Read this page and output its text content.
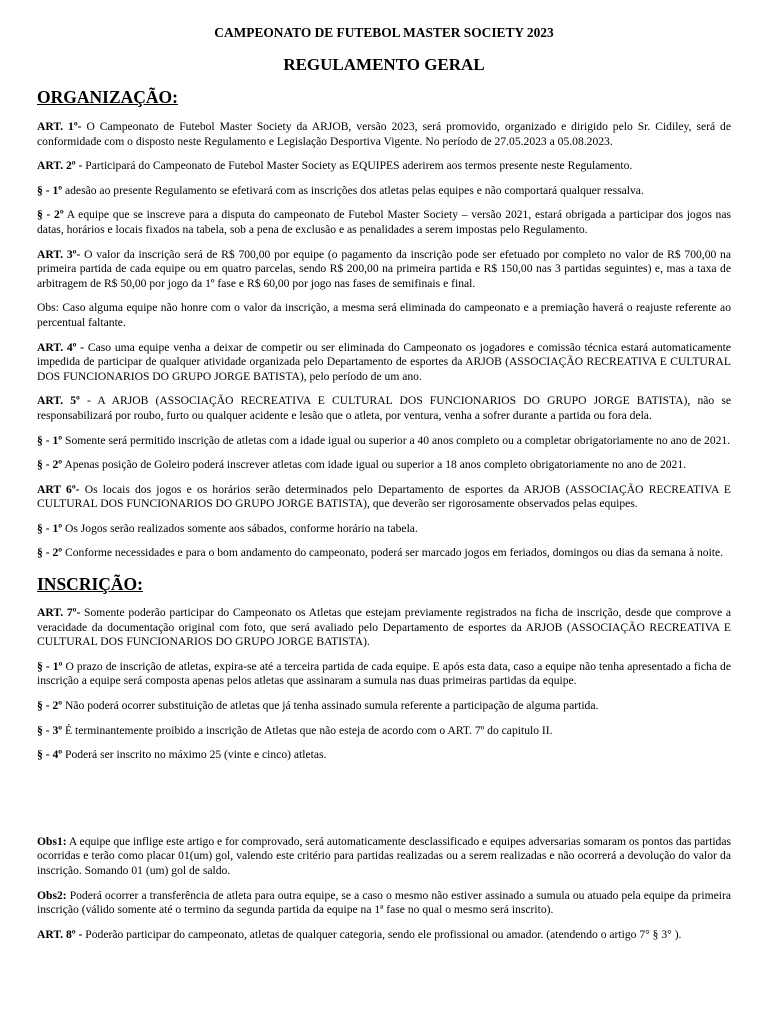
CAMPEONATO DE FUTEBOL MASTER SOCIETY 2023
REGULAMENTO GERAL
ORGANIZAÇÃO:

ART. 1º- O Campeonato de Futebol Master Society da ARJOB, versão 2023, será promovido, organizado e dirigido pelo Sr. Cidiley, será de conformidade com o disposto neste Regulamento e Legislação Desportiva Vigente. No período de 27.05.2023 a 05.08.2023.

ART. 2º - Participará do Campeonato de Futebol Master Society as EQUIPES aderirem aos termos presente neste Regulamento.

§ - 1º adesão ao presente Regulamento se efetivará com as inscrições dos atletas pelas equipes e não comportará qualquer ressalva.

§ - 2º A equipe que se inscreve para a disputa do campeonato de Futebol Master Society – versão 2021, estará obrigada a participar dos jogos nas datas, horários e locais fixados na tabela, sob a pena de exclusão e as penalidades a serem impostas pelo Regulamento.

ART. 3º- O valor da inscrição será de R$ 700,00 por equipe (o pagamento da inscrição pode ser efetuado por completo no valor de R$ 700,00 na primeira partida de cada equipe ou em quatro parcelas, sendo R$ 200,00 na primeira partida e R$ 150,00 nas 3 partidas seguintes) e, mas a taxa de arbitragem de R$ 50,00 por jogo da 1º fase e R$ 60,00 por jogo nas fases de semifinais e final.

Obs: Caso alguma equipe não honre com o valor da inscrição, a mesma será eliminada do campeonato e a premiação haverá o reajuste referente ao percentual faltante.

ART. 4º - Caso uma equipe venha a deixar de competir ou ser eliminada do Campeonato os jogadores e comissão técnica estará automaticamente impedida de participar de qualquer atividade organizada pelo Departamento de esportes da ARJOB (ASSOCIAÇÃO RECREATIVA E CULTURAL DOS FUNCIONARIOS DO GRUPO JORGE BATISTA), pelo período de um ano.

ART. 5º - A ARJOB (ASSOCIAÇÃO RECREATIVA E CULTURAL DOS FUNCIONARIOS DO GRUPO JORGE BATISTA), não se responsabilizará por roubo, furto ou qualquer acidente e lesão que o atleta, por ventura, venha a sofrer durante a partida ou fora dela.

§ - 1º Somente será permitido inscrição de atletas com a idade igual ou superior a 40 anos completo ou a completar obrigatoriamente no ano de 2021.

§ - 2º Apenas posição de Goleiro poderá inscrever atletas com idade igual ou superior a 18 anos completo obrigatoriamente no ano de 2021.

ART 6º- Os locais dos jogos e os horários serão determinados pelo Departamento de esportes da ARJOB (ASSOCIAÇÃO RECREATIVA E CULTURAL DOS FUNCIONARIOS DO GRUPO JORGE BATISTA), que deverão ser rigorosamente observados pelas equipes.

§ - 1º Os Jogos serão realizados somente aos sábados, conforme horário na tabela.

§ - 2º Conforme necessidades e para o bom andamento do campeonato, poderá ser marcado jogos em feriados, domingos ou dias da semana à noite.

INSCRIÇÃO:

ART. 7º- Somente poderão participar do Campeonato os Atletas que estejam previamente registrados na ficha de inscrição, desde que comprove a veracidade da documentação original com foto, que será avaliado pelo Departamento de esportes da ARJOB (ASSOCIAÇÃO RECREATIVA E CULTURAL DOS FUNCIONARIOS DO GRUPO JORGE BATISTA).

§ - 1º O prazo de inscrição de atletas, expira-se até a terceira partida de cada equipe. E após esta data, caso a equipe não tenha apresentado a ficha de inscrição a equipe será composta apenas pelos atletas que assinaram a sumula nas duas primeiras partidas da equipe.

§ - 2º Não poderá ocorrer substituição de atletas que já tenha assinado sumula referente a participação de alguma partida.

§ - 3º É terminantemente proibido a inscrição de Atletas que não esteja de acordo com o ART. 7º do capitulo II.

§ - 4º Poderá ser inscrito no máximo 25 (vinte e cinco) atletas.

Obs1: A equipe que inflige este artigo e for comprovado, será automaticamente desclassificado e equipes adversarias somaram os pontos das partidas ocorridas e terão como placar 01(um) gol, valendo este critério para partidas realizadas ou a serem realizadas e não ocorrerá a devolução do valor da inscrição. Somando 01 (um) gol de saldo.

Obs2: Poderá ocorrer a transferência de atleta para outra equipe, se a caso o mesmo não estiver assinado a sumula ou atuado pela equipe da primeira inscrição (válido somente até o termino da segunda partida da equipe na 1ª fase no qual o mesmo será inscrito).

ART. 8º - Poderão participar do campeonato, atletas de qualquer categoria, sendo ele profissional ou amador. (atendendo o artigo 7° § 3° ).
